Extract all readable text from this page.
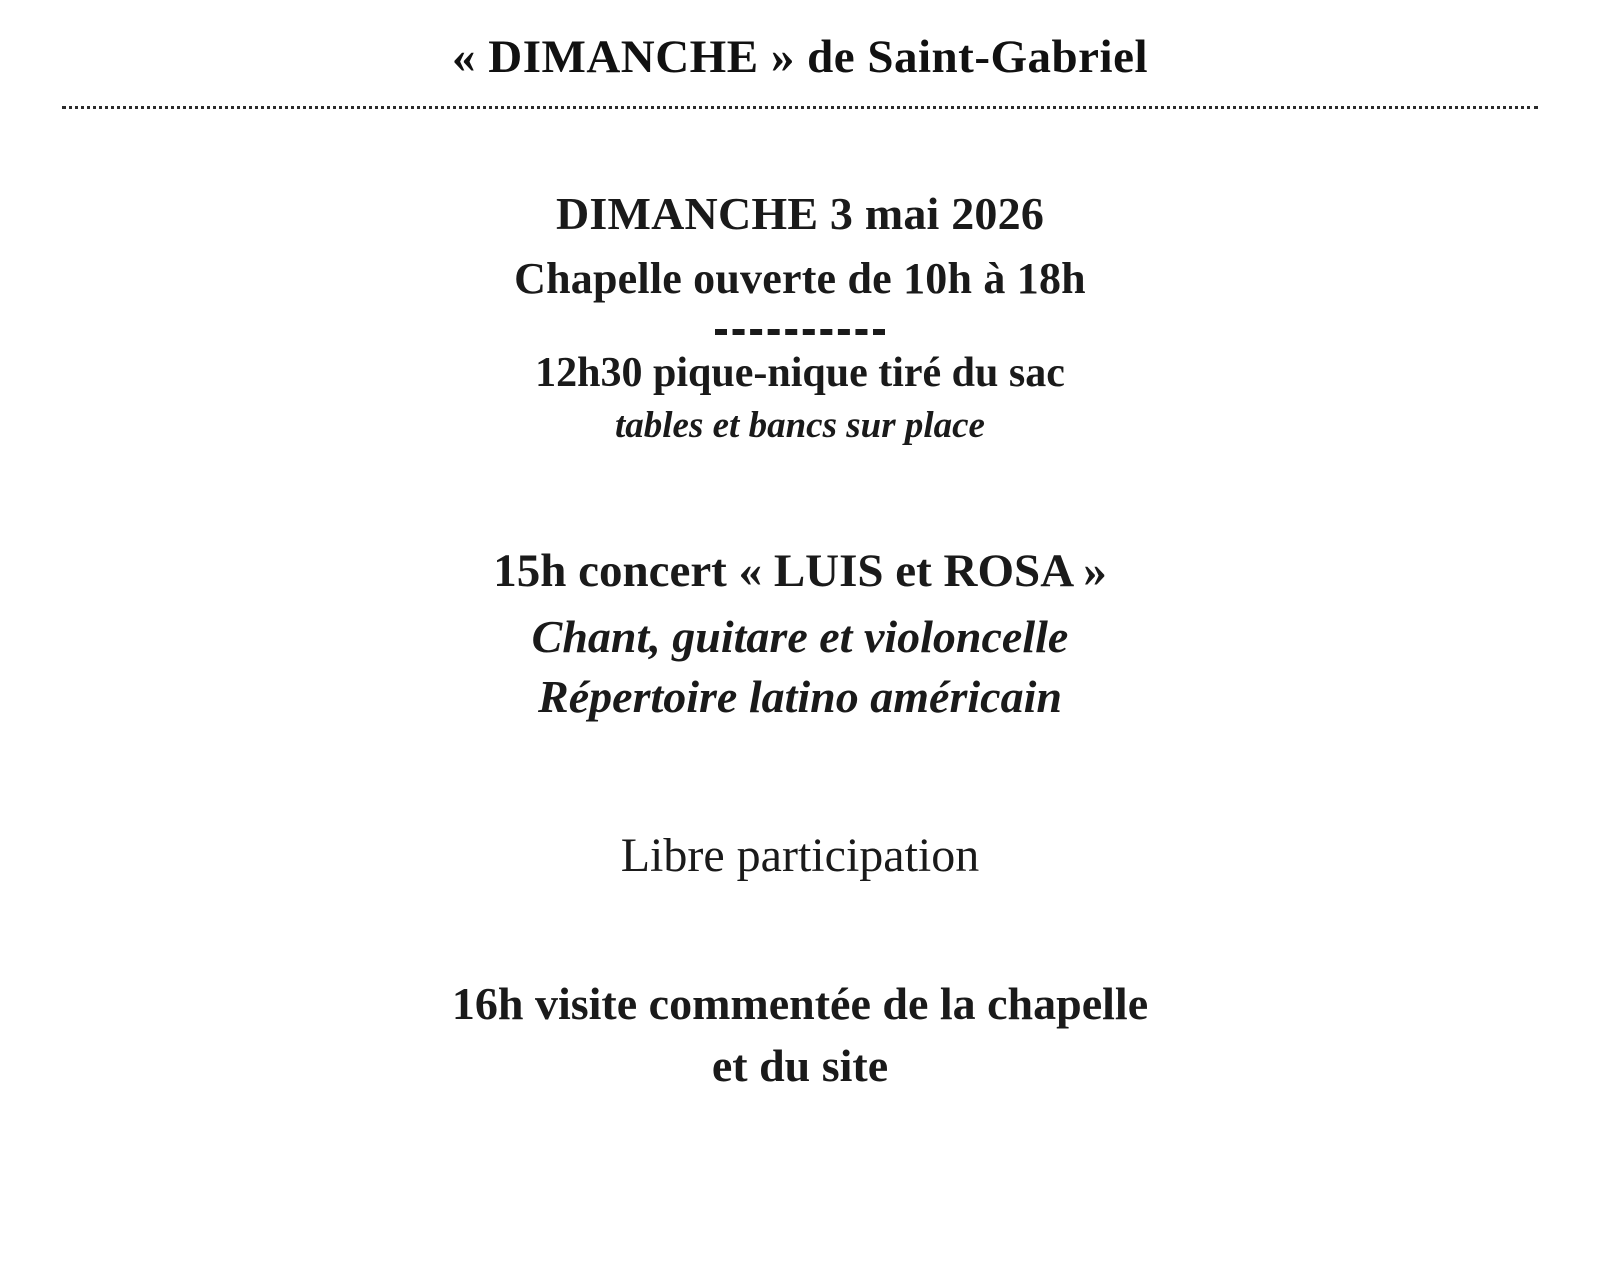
« DIMANCHE » de Saint-Gabriel
DIMANCHE 3 mai 2026
Chapelle ouverte de 10h à 18h
12h30 pique-nique tiré du sac
tables et bancs sur place
15h concert « LUIS et ROSA »
Chant, guitare et violoncelle
Répertoire latino américain
Libre participation
16h visite commentée de la chapelle
et du site
